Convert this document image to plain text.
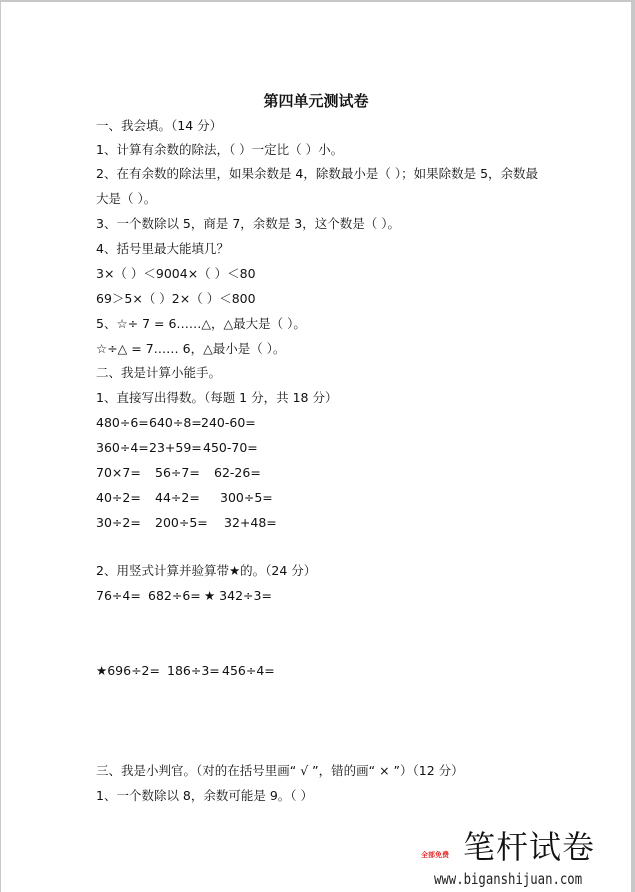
第四单元测试卷
一、我会填。（14 分）
1、计算有余数的除法，（ ）一定比（ ）小。
2、在有余数的除法里，如果余数是 4，除数最小是（ ）；如果除数是 5，余数最
大是（ ）。
3、一个数除以 5，商是 7，余数是 3，这个数是（ ）。
4、括号里最大能填几？
3×（ ）＜9004×（ ）＜80
69＞5×（ ）2×（ ）＜800
5、☆÷ 7 = 6……△，△最大是（ ）。
☆÷△ = 7…… 6，△最小是（ ）。
二、我是计算小能手。
1、直接写出得数。（每题 1 分，共 18 分）
480÷6= 640÷8= 240-60=
360÷4= 23+59= 450-70=
70×7= 56÷7= 62-26=
40÷2= 44÷2= 300÷5=
30÷2= 200÷5= 32+48=
2、用竖式计算并验算带★的。（24 分）
76÷4= 682÷6= ★ 342÷3=
★696÷2= 186÷3= 456÷4=
三、我是小判官。（对的在括号里画“ √ ”，错的画“ × ”）（12 分）
1、一个数除以 8，余数可能是 9。（ ）
笔杆试卷
全部免费
www.biganshijuan.com
